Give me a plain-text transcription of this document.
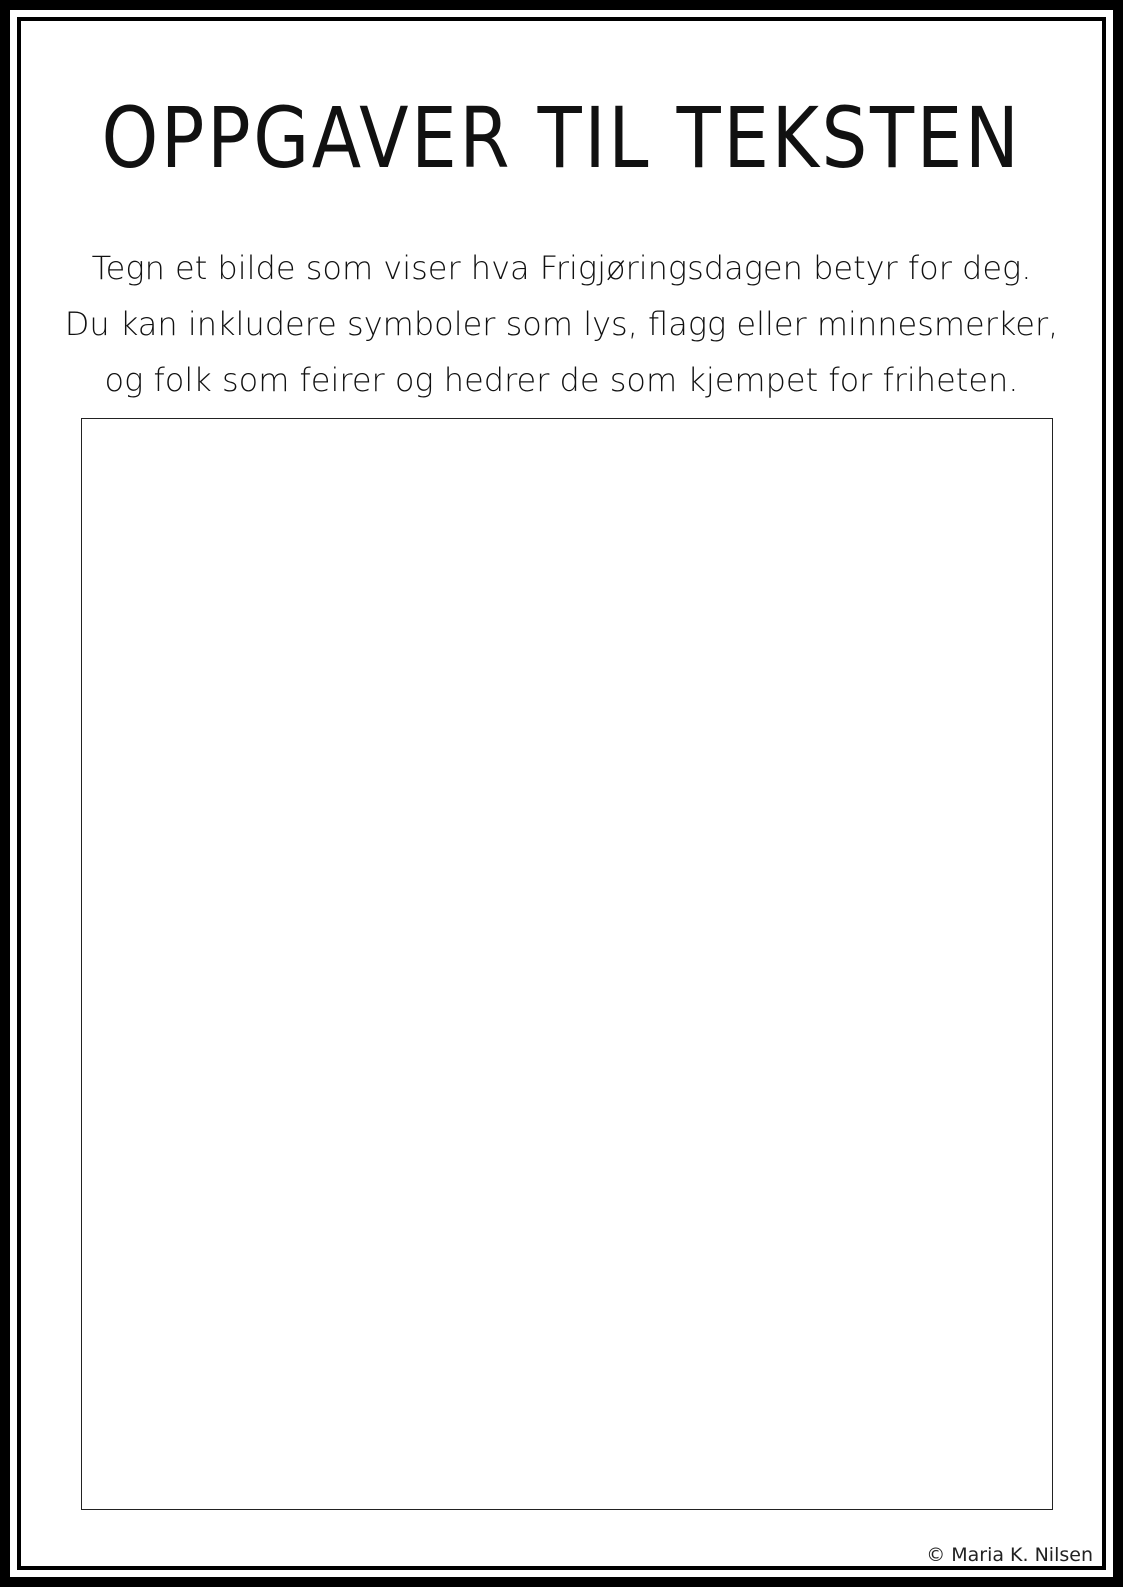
OPPGAVER TIL TEKSTEN
Tegn et bilde som viser hva Frigjøringsdagen betyr for deg.
Du kan inkludere symboler som lys, flagg eller minnesmerker,
og folk som feirer og hedrer de som kjempet for friheten.
© Maria K. Nilsen
